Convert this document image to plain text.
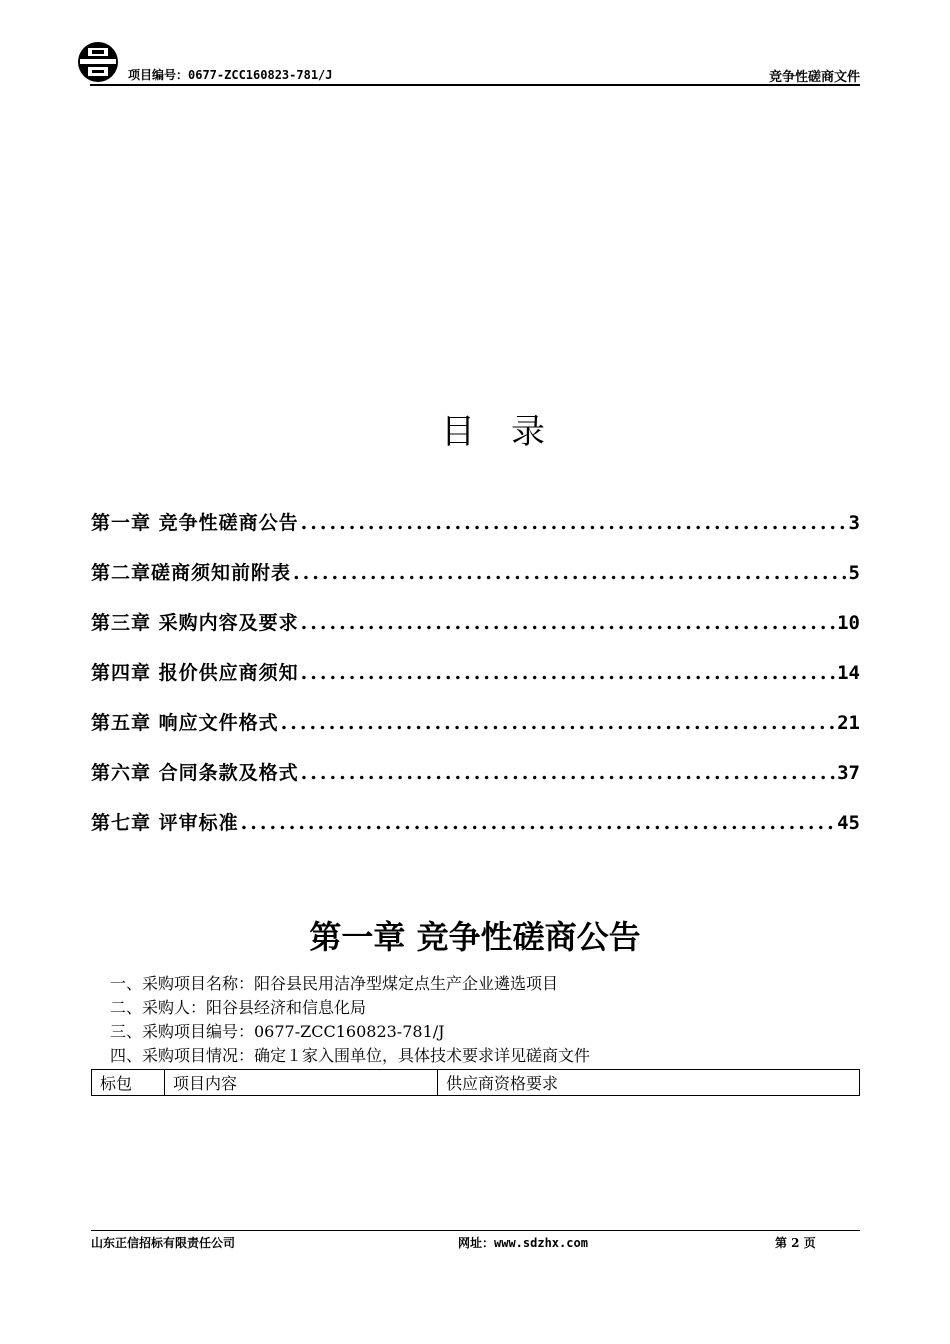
项目编号：0677-ZCC160823-781/J	竞争性磋商文件
目录
第一章 竞争性磋商公告 .....	3
第二章磋商须知前附表 .....	5
第三章 采购内容及要求 .....	10
第四章 报价供应商须知 .....	14
第五章 响应文件格式 .....	21
第六章 合同条款及格式 .....	37
第七章 评审标准 .....	45
第一章 竞争性磋商公告
一、采购项目名称：阳谷县民用洁净型煤定点生产企业遴选项目
二、采购人：阳谷县经济和信息化局
三、采购项目编号：0677-ZCC160823-781/J
四、采购项目情况：确定１家入围单位，具体技术要求详见磋商文件
标包	项目内容	供应商资格要求
山东正信招标有限责任公司	网址：www.sdzhx.com	第 2 页
